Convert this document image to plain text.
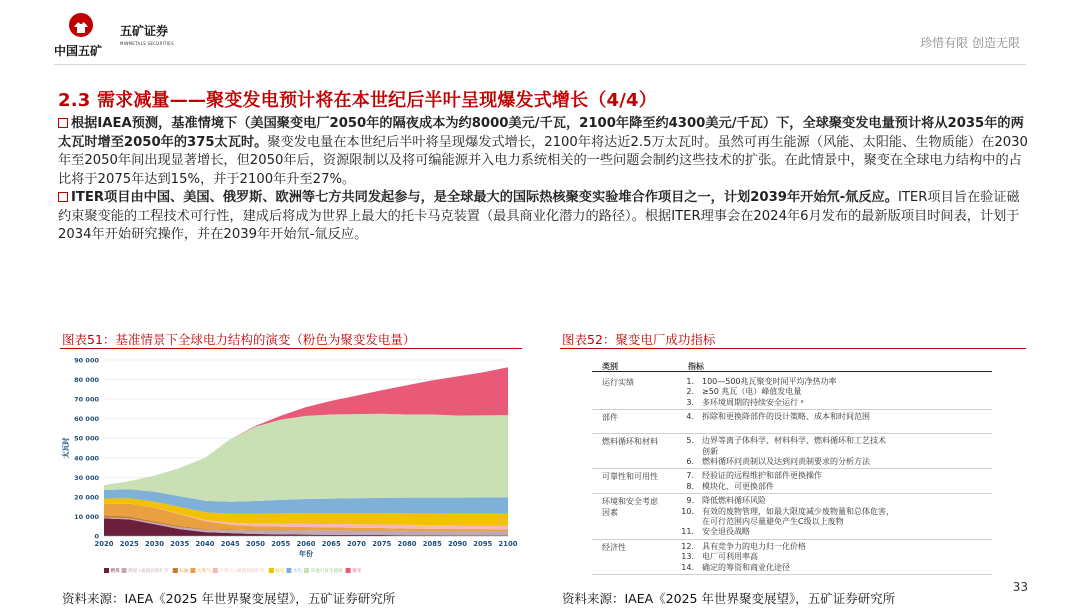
中国五矿
五矿证券
MINMETALS SECURITIES	珍惜有限 创造无限
2.3 需求减量——聚变发电预计将在本世纪后半叶呈现爆发式增长（4/4）
根据IAEA预测，基准情境下（美国聚变电厂2050年的隔夜成本为约8000美元/千瓦，2100年降至约4300美元/千瓦）下，全球聚变发电量预计将从2035年的两太瓦时增至2050年的375太瓦时。聚变发电量在本世纪后半叶将呈现爆发式增长，2100年将达近2.5万太瓦时。虽然可再生能源（风能、太阳能、生物质能）在2030年至2050年间出现显著增长，但2050年后，资源限制以及将可编能源并入电力系统相关的一些问题会制约这些技术的扩张。在此情景中，聚变在全球电力结构中的占比将于2075年达到15%，并于2100年升至27%。
ITER项目由中国、美国、俄罗斯、欧洲等七方共同发起参与，是全球最大的国际热核聚变实验堆合作项目之一，计划2039年开始氘-氚反应。ITER项目旨在验证磁约束聚变能的工程技术可行性，建成后将成为世界上最大的托卡马克装置（最具商业化潜力的路径）。根据ITER理事会在2024年6月发布的最新版项目时间表，计划于2034年开始研究操作，并在2039年开始氘-氚反应。
图表51：基准情景下全球电力结构的演变（粉色为聚变发电量）
0
10 000
20 000
30 000
40 000
50 000
60 000
70 000
80 000
90 000
2020 2025 2030 2035 2040 2045 2050 2055 2060 2065 2070 2075 2080 2085 2090 2095 2100
年份
太瓦时
燃煤 燃煤+碳捕获和贮存 石油 天然气 天然气+碳捕获和贮存 核电 水电 其他可再生能源 聚变
图表52：聚变电厂成功指标
类别	指标
运行实绩	1. 100—500兆瓦聚变时间平均净热功率
2. ≥50 兆瓦（电）峰值发电量
3. 多环境周期的持续安全运行 ᵃ
部件	4. 拆除和更换降部件的设计策略、成本和时间范围
燃料循环和材料	5. 边界等离子体科学、材料科学、燃料循环和工艺技术
创新
6. 燃料循环问责制以及达到问责制要求的分析方法
可靠性和可用性	7. 经验证的远程维护和部件更换操作
8. 模块化、可更换部件
环境和安全考虑因素
9. 降低燃料循环风险
10. 有效的废物管理，如最大限度减少废物量和总体危害，
在可行范围内尽量避免产生C级以上废物
11. 安全退役战略
经济性	12. 具有竞争力的电力归一化价格
13. 电厂可利用率高
14. 确定的筹资和商业化途径
资料来源：IAEA《2025 年世界聚变展望》，五矿证券研究所	资料来源：IAEA《2025 年世界聚变展望》，五矿证券研究所
33
